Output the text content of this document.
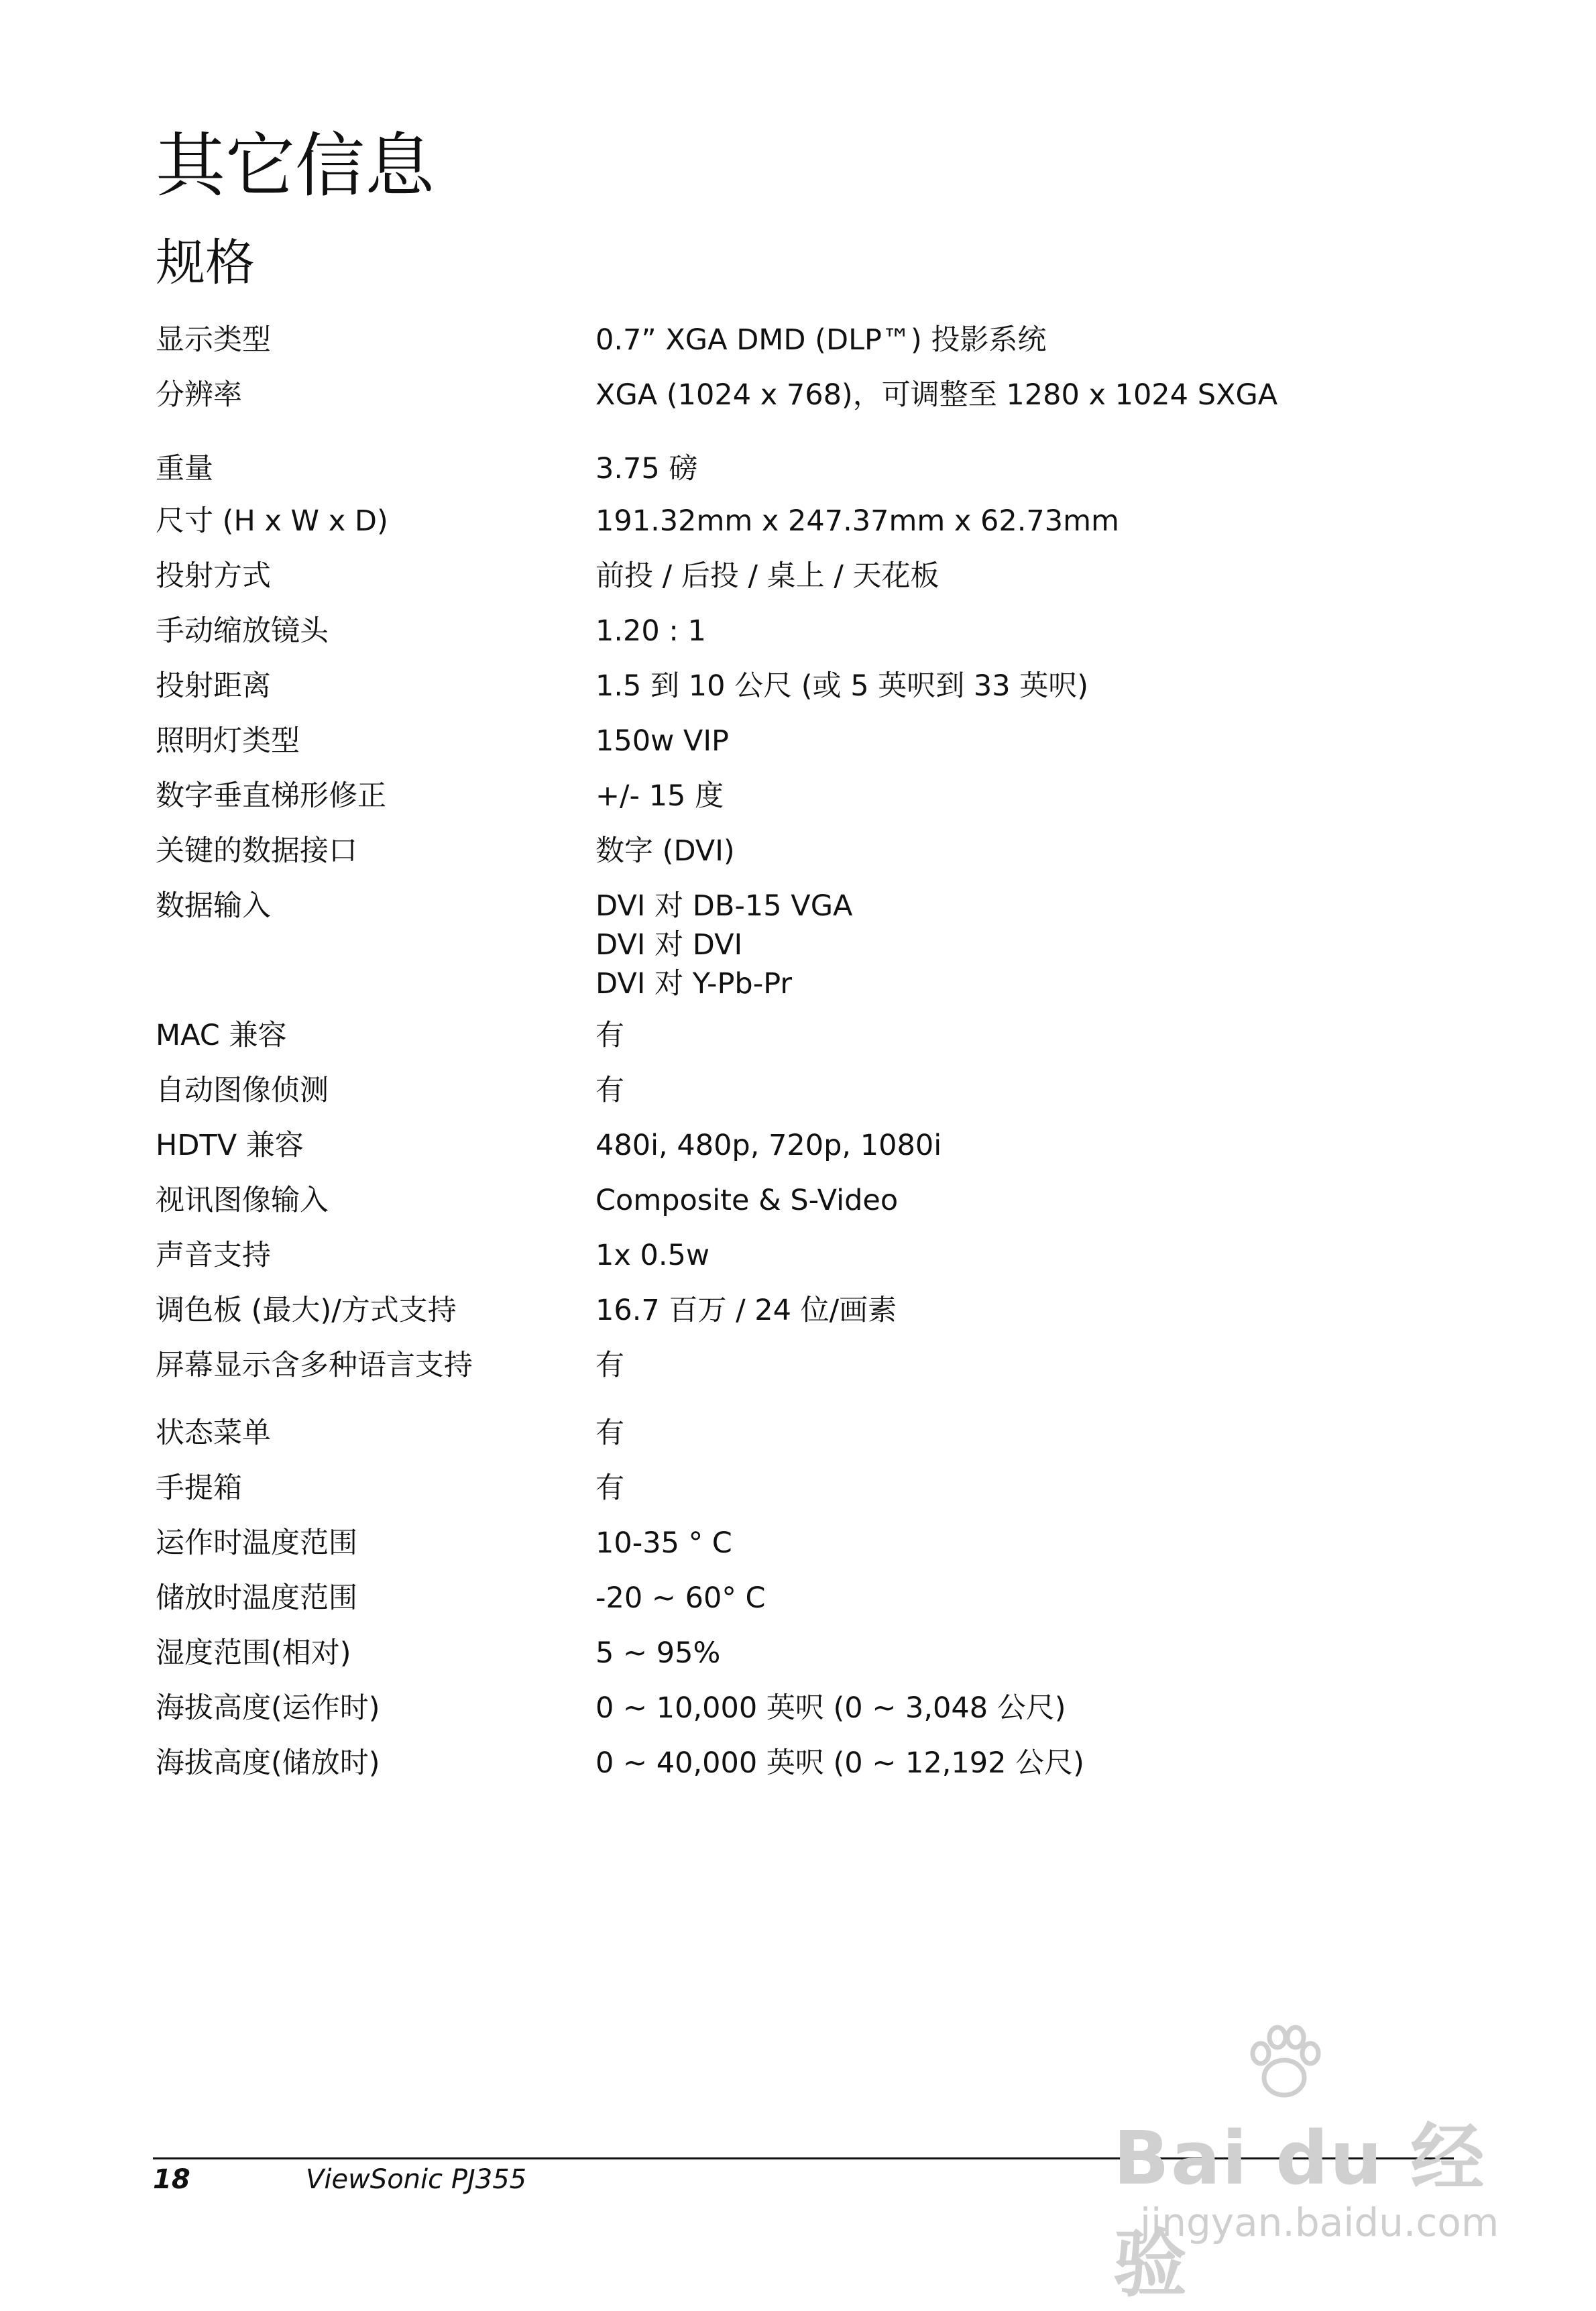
其它信息
规格
显示类型	0.7” XGA DMD (DLP™) 投影系统
分辨率	XGA (1024 x 768)，可调整至 1280 x 1024 SXGA
重量	3.75 磅
尺寸 (H x W x D)	191.32mm x 247.37mm x 62.73mm
投射方式	前投 / 后投 / 桌上 / 天花板
手动缩放镜头	1.20 : 1
投射距离	1.5 到 10 公尺 (或 5 英呎到 33 英呎)
照明灯类型	150w VIP
数字垂直梯形修正	+/- 15 度
关键的数据接口	数字 (DVI)
数据输入	DVI 对 DB-15 VGA
DVI 对 DVI
DVI 对 Y-Pb-Pr
MAC 兼容	有
自动图像侦测	有
HDTV 兼容	480i, 480p, 720p, 1080i
视讯图像输入	Composite & S-Video
声音支持	1x 0.5w
调色板 (最大)/方式支持	16.7 百万 / 24 位/画素
屏幕显示含多种语言支持	有
状态菜单	有
手提箱	有
运作时温度范围	10-35 ° C
储放时温度范围	-20 ~ 60° C
湿度范围(相对)	5 ~ 95%
海拔高度(运作时)	0 ~ 10,000 英呎 (0 ~ 3,048 公尺)
海拔高度(储放时)	0 ~ 40,000 英呎 (0 ~ 12,192 公尺)
18	ViewSonic PJ355	Bai du 经验
jingyan.baidu.com
